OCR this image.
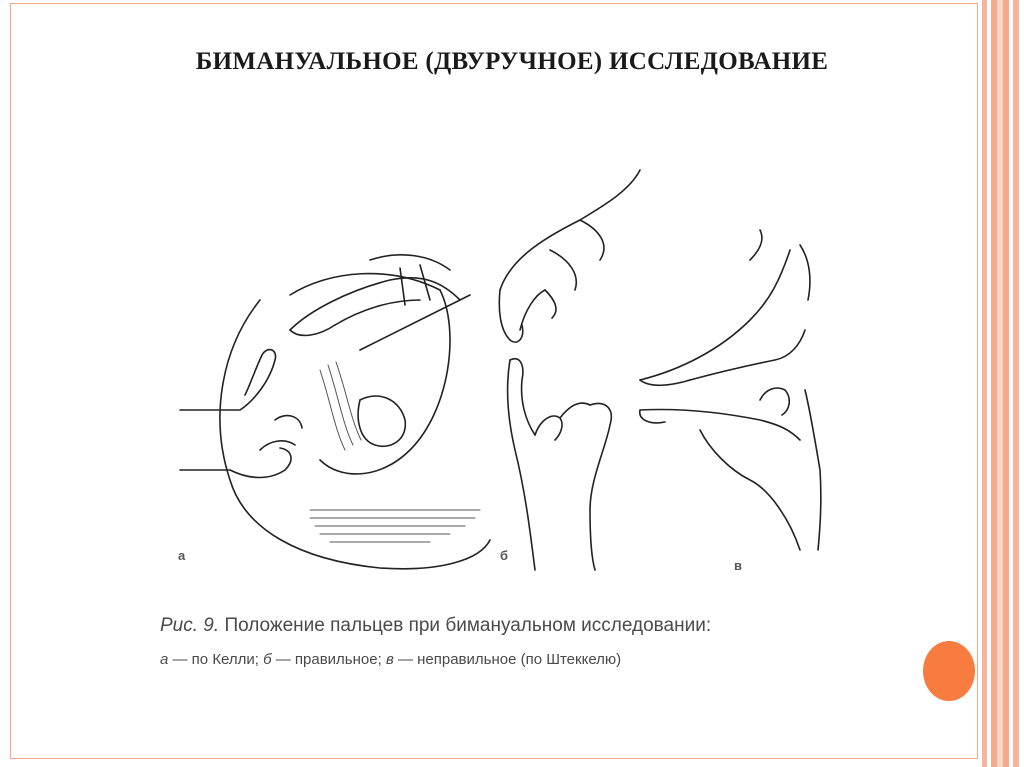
БИМАНУАЛЬНОЕ (ДВУРУЧНОЕ) ИССЛЕДОВАНИЕ
а	б
в

Рис. 9. Положение пальцев при бимануальном исследовании:

а — по Келли; б — правильное; в — неправильное (по Штеккелю)
